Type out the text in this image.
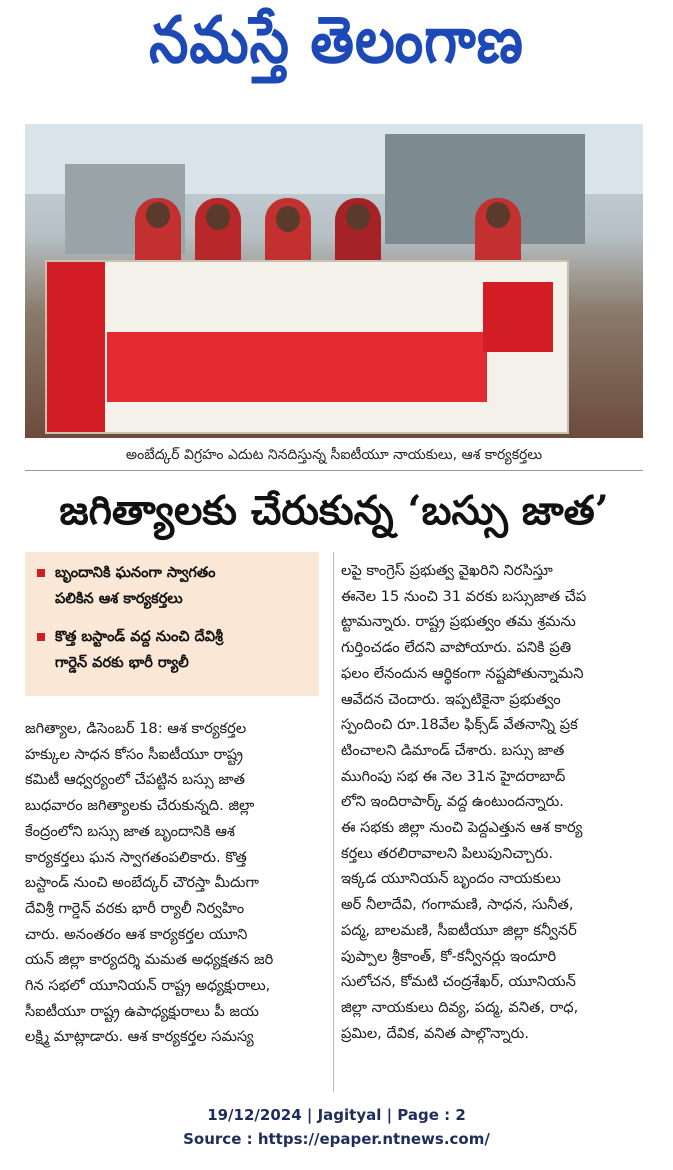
నమస్తే తెలంగాణ
అంబేద్కర్ విగ్రహం ఎదుట నినదిస్తున్న సీఐటీయూ నాయకులు, ఆశ కార్యకర్తలు
జగిత్యాలకు చేరుకున్న ‘బస్సు జాత’
బృందానికి ఘనంగా స్వాగతం
పలికిన ఆశ కార్యకర్తలు
కొత్త బస్టాండ్ వద్ద నుంచి దేవిశ్రీ
గార్డెన్ వరకు భారీ ర్యాలీ
జగిత్యాల, డిసెంబర్ 18: ఆశ కార్యకర్తల
హక్కుల సాధన కోసం సీఐటీయూ రాష్ట్ర
కమిటీ ఆధ్వర్యంలో చేపట్టిన బస్సు జాత
బుధవారం జగిత్యాలకు చేరుకున్నది. జిల్లా
కేంద్రంలోని బస్సు జాత బృందానికి ఆశ
కార్యకర్తలు ఘన స్వాగతంపలికారు. కొత్త
బస్టాండ్ నుంచి అంబేద్కర్ చౌరస్తా మీదుగా
దేవిశ్రీ గార్డెన్ వరకు భారీ ర్యాలీ నిర్వహిం
చారు. అనంతరం ఆశ కార్యకర్తల యూని
యన్ జిల్లా కార్యదర్శి మమత అధ్యక్షతన జరి
గిన సభలో యూనియన్ రాష్ట్ర అధ్యక్షురాలు,
సీఐటీయూ రాష్ట్ర ఉపాధ్యక్షురాలు పీ జయ
లక్ష్మి మాట్లాడారు. ఆశ కార్యకర్తల సమస్య
లపై కాంగ్రెస్ ప్రభుత్వ వైఖరిని నిరసిస్తూ
ఈనెల 15 నుంచి 31 వరకు బస్సుజాత చేప
ట్టామన్నారు. రాష్ట్ర ప్రభుత్వం తమ శ్రమను
గుర్తించడం లేదని వాపోయారు. పనికి ప్రతి
ఫలం లేనందున ఆర్థికంగా నష్టపోతున్నామని
ఆవేదన చెందారు. ఇప్పటికైనా ప్రభుత్వం
స్పందించి రూ.18వేల ఫిక్స్‌డ్ వేతనాన్ని ప్రక
టించాలని డిమాండ్ చేశారు. బస్సు జాత
ముగింపు సభ ఈ నెల 31న హైదరాబాద్
లోని ఇందిరాపార్క్ వద్ద ఉంటుందన్నారు.
ఈ సభకు జిల్లా నుంచి పెద్దఎత్తున ఆశ కార్య
కర్తలు తరలిరావాలని పిలుపునిచ్చారు.
ఇక్కడ యూనియన్ బృందం నాయకులు
అర్ నీలాదేవి, గంగామణి, సాధన, సునీత,
పద్మ, బాలమణి, సీఐటీయూ జిల్లా కన్వీనర్
పుప్పాల శ్రీకాంత్, కో-కన్వీనర్లు ఇందూరి
సులోచన, కోమటి చంద్రశేఖర్, యూనియన్
జిల్లా నాయకులు దివ్య, పద్మ, వనిత, రాధ,
ప్రమిల, దేవిక, వనిత పాల్గొన్నారు.
19/12/2024 | Jagityal | Page : 2
Source : https://epaper.ntnews.com/
